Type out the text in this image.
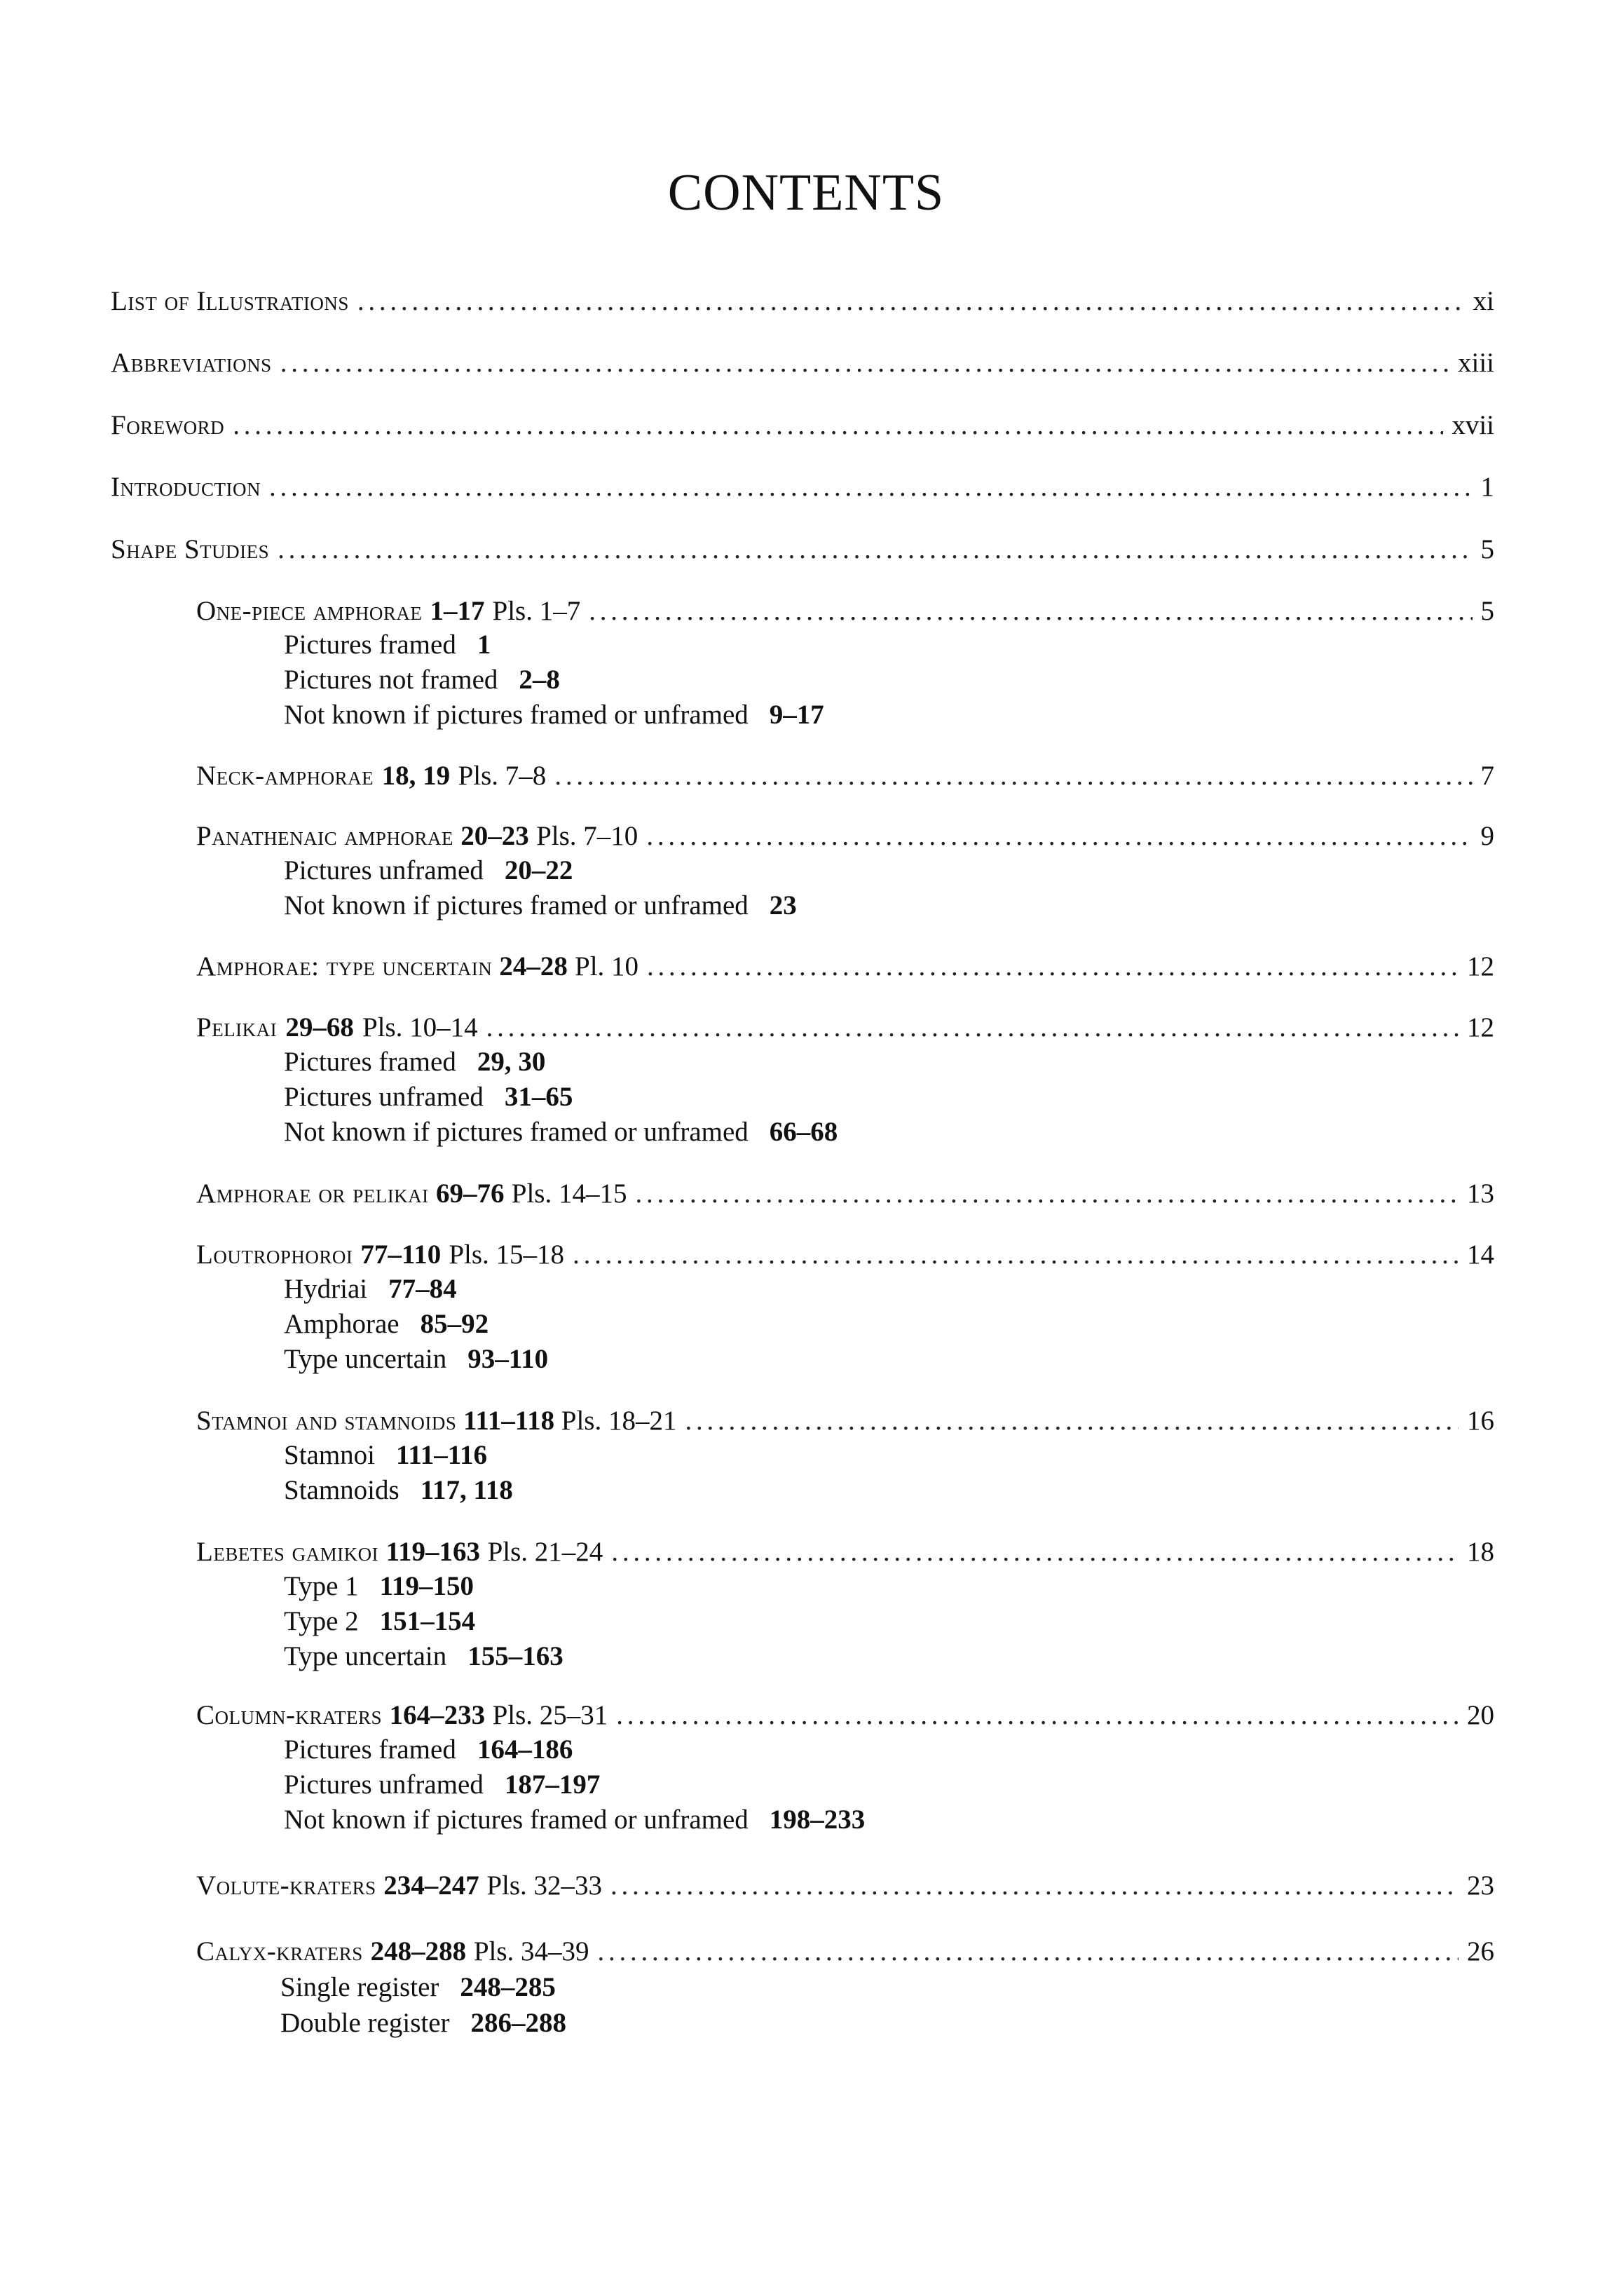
CONTENTS
List of Illustrations . . .	xi
Abbreviations . . .	xiii
Foreword . . .	xvii
Introduction . . .	1
Shape Studies . . .	5
One-piece amphorae 1–17 Pls. 1–7 . . .	5
Pictures framed 1
Pictures not framed 2–8
Not known if pictures framed or unframed 9–17
Neck-amphorae 18, 19 Pls. 7–8 . . .	7
Panathenaic amphorae 20–23 Pls. 7–10 . . .	9
Pictures unframed 20–22
Not known if pictures framed or unframed 23
Amphorae: type uncertain 24–28 Pl. 10 . . .	12
Pelikai 29–68 Pls. 10–14 . . .	12
Pictures framed 29, 30
Pictures unframed 31–65
Not known if pictures framed or unframed 66–68
Amphorae or pelikai 69–76 Pls. 14–15 . . .	13
Loutrophoroi 77–110 Pls. 15–18 . . .	14
Hydriai 77–84
Amphorae 85–92
Type uncertain 93–110
Stamnoi and stamnoids 111–118 Pls. 18–21 . . .	16
Stamnoi 111–116
Stamnoids 117, 118
Lebetes gamikoi 119–163 Pls. 21–24 . . .	18
Type 1 119–150
Type 2 151–154
Type uncertain 155–163
Column-kraters 164–233 Pls. 25–31 . . .	20
Pictures framed 164–186
Pictures unframed 187–197
Not known if pictures framed or unframed 198–233
Volute-kraters 234–247 Pls. 32–33 . . .	23
Calyx-kraters 248–288 Pls. 34–39 . . .	26
Single register 248–285
Double register 286–288
